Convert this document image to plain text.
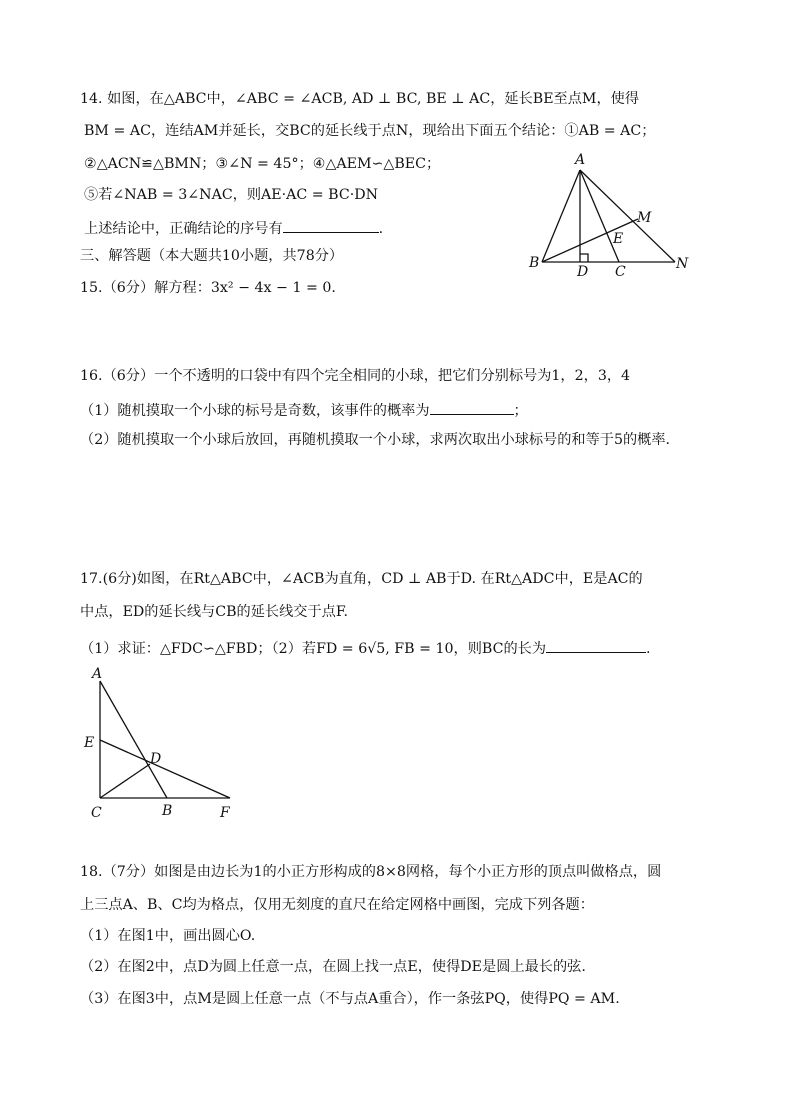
14. 如图，在△ABC中，∠ABC = ∠ACB, AD ⊥ BC, BE ⊥ AC，延长BE至点M，使得
BM = AC，连结AM并延长，交BC的延长线于点N，现给出下面五个结论：①AB = AC；
②△ACN≌△BMN；③∠N = 45°；④△AEM∽△BEC；
⑤若∠NAB = 3∠NAC，则AE·AC = BC·DN
上述结论中，正确结论的序号有	.
A
B
C
D
E
M
N
三、解答题（本大题共10小题，共78分）
15.（6分）解方程：3x² − 4x − 1 = 0.
16.（6分）一个不透明的口袋中有四个完全相同的小球，把它们分别标号为1，2，3，4
（1）随机摸取一个小球的标号是奇数，该事件的概率为	；
（2）随机摸取一个小球后放回，再随机摸取一个小球，求两次取出小球标号的和等于5的概率.
17.(6分)如图，在Rt△ABC中，∠ACB为直角，CD ⊥ AB于D. 在Rt△ADC中，E是AC的
中点，ED的延长线与CB的延长线交于点F.
（1）求证：△FDC∽△FBD；（2）若FD = 6√5, FB = 10，则BC的长为	.
A
E
D
C	B	F
18.（7分）如图是由边长为1的小正方形构成的8×8网格，每个小正方形的顶点叫做格点，圆
上三点A、B、C均为格点，仅用无刻度的直尺在给定网格中画图，完成下列各题：
（1）在图1中，画出圆心O.
（2）在图2中，点D为圆上任意一点，在圆上找一点E，使得DE是圆上最长的弦.
（3）在图3中，点M是圆上任意一点（不与点A重合），作一条弦PQ，使得PQ = AM.
